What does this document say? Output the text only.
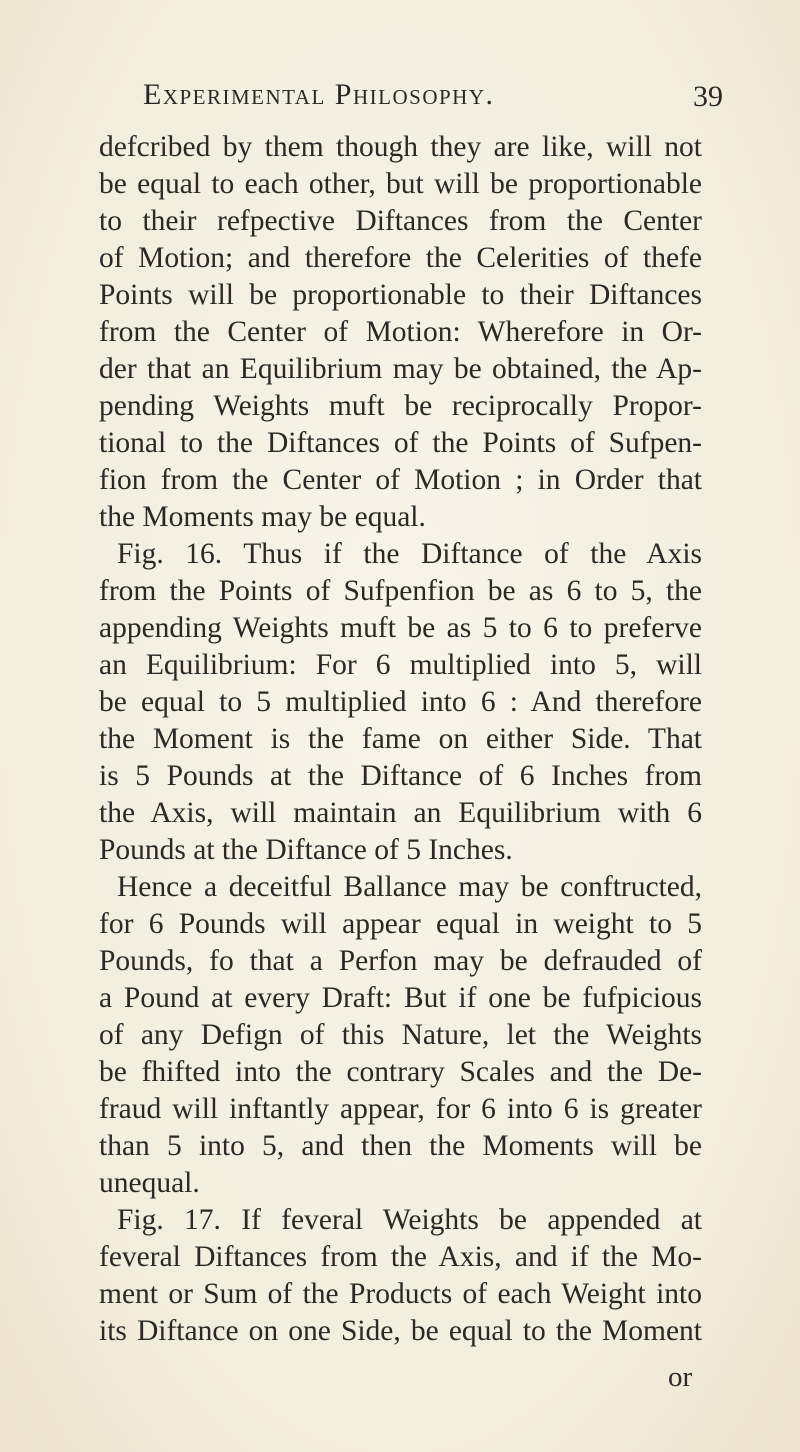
Experimental Philosophy.	39
defcribed by them though they are like, will not
be equal to each other, but will be proportionable
to their refpective Diftances from the Center
of Motion; and therefore the Celerities of thefe
Points will be proportionable to their Diftances
from the Center of Motion: Wherefore in Or-
der that an Equilibrium may be obtained, the Ap-
pending Weights muft be reciprocally Propor-
tional to the Diftances of the Points of Sufpen-
fion from the Center of Motion ; in Order that
the Moments may be equal.
Fig. 16. Thus if the Diftance of the Axis
from the Points of Sufpenfion be as 6 to 5, the
appending Weights muft be as 5 to 6 to preferve
an Equilibrium: For 6 multiplied into 5, will
be equal to 5 multiplied into 6 : And therefore
the Moment is the fame on either Side. That
is 5 Pounds at the Diftance of 6 Inches from
the Axis, will maintain an Equilibrium with 6
Pounds at the Diftance of 5 Inches.
Hence a deceitful Ballance may be conftructed,
for 6 Pounds will appear equal in weight to 5
Pounds, fo that a Perfon may be defrauded of
a Pound at every Draft: But if one be fufpicious
of any Defign of this Nature, let the Weights
be fhifted into the contrary Scales and the De-
fraud will inftantly appear, for 6 into 6 is greater
than 5 into 5, and then the Moments will be
unequal.
Fig. 17. If feveral Weights be appended at
feveral Diftances from the Axis, and if the Mo-
ment or Sum of the Products of each Weight into
its Diftance on one Side, be equal to the Moment
or
